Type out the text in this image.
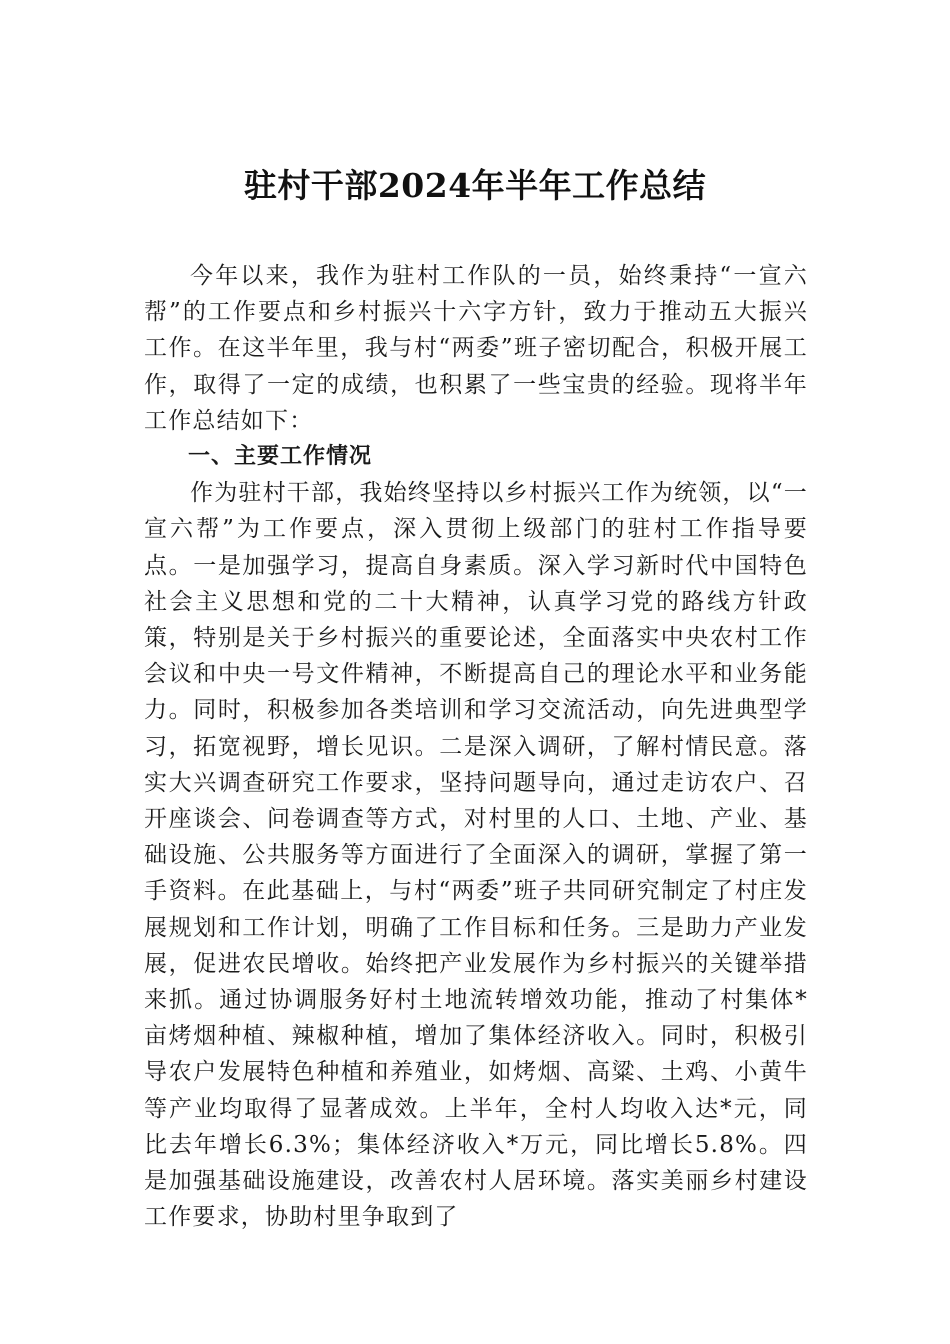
驻村干部2024年半年工作总结

今年以来，我作为驻村工作队的一员，始终秉持“一宣六帮”的工作要点和乡村振兴十六字方针，致力于推动五大振兴工作。在这半年里，我与村“两委”班子密切配合，积极开展工作，取得了一定的成绩，也积累了一些宝贵的经验。现将半年工作总结如下：

一、主要工作情况

作为驻村干部，我始终坚持以乡村振兴工作为统领，以“一宣六帮”为工作要点，深入贯彻上级部门的驻村工作指导要点。一是加强学习，提高自身素质。深入学习新时代中国特色社会主义思想和党的二十大精神，认真学习党的路线方针政策，特别是关于乡村振兴的重要论述，全面落实中央农村工作会议和中央一号文件精神，不断提高自己的理论水平和业务能力。同时，积极参加各类培训和学习交流活动，向先进典型学习，拓宽视野，增长见识。二是深入调研，了解村情民意。落实大兴调查研究工作要求，坚持问题导向，通过走访农户、召开座谈会、问卷调查等方式，对村里的人口、土地、产业、基础设施、公共服务等方面进行了全面深入的调研，掌握了第一手资料。在此基础上，与村“两委”班子共同研究制定了村庄发展规划和工作计划，明确了工作目标和任务。三是助力产业发展，促进农民增收。始终把产业发展作为乡村振兴的关键举措来抓。通过协调服务好村土地流转增效功能，推动了村集体*亩烤烟种植、辣椒种植，增加了集体经济收入。同时，积极引导农户发展特色种植和养殖业，如烤烟、高粱、土鸡、小黄牛等产业均取得了显著成效。上半年，全村人均收入达*元，同比去年增长6.3%；集体经济收入*万元，同比增长5.8%。四是加强基础设施建设，改善农村人居环境。落实美丽乡村建设工作要求，协助村里争取到了
